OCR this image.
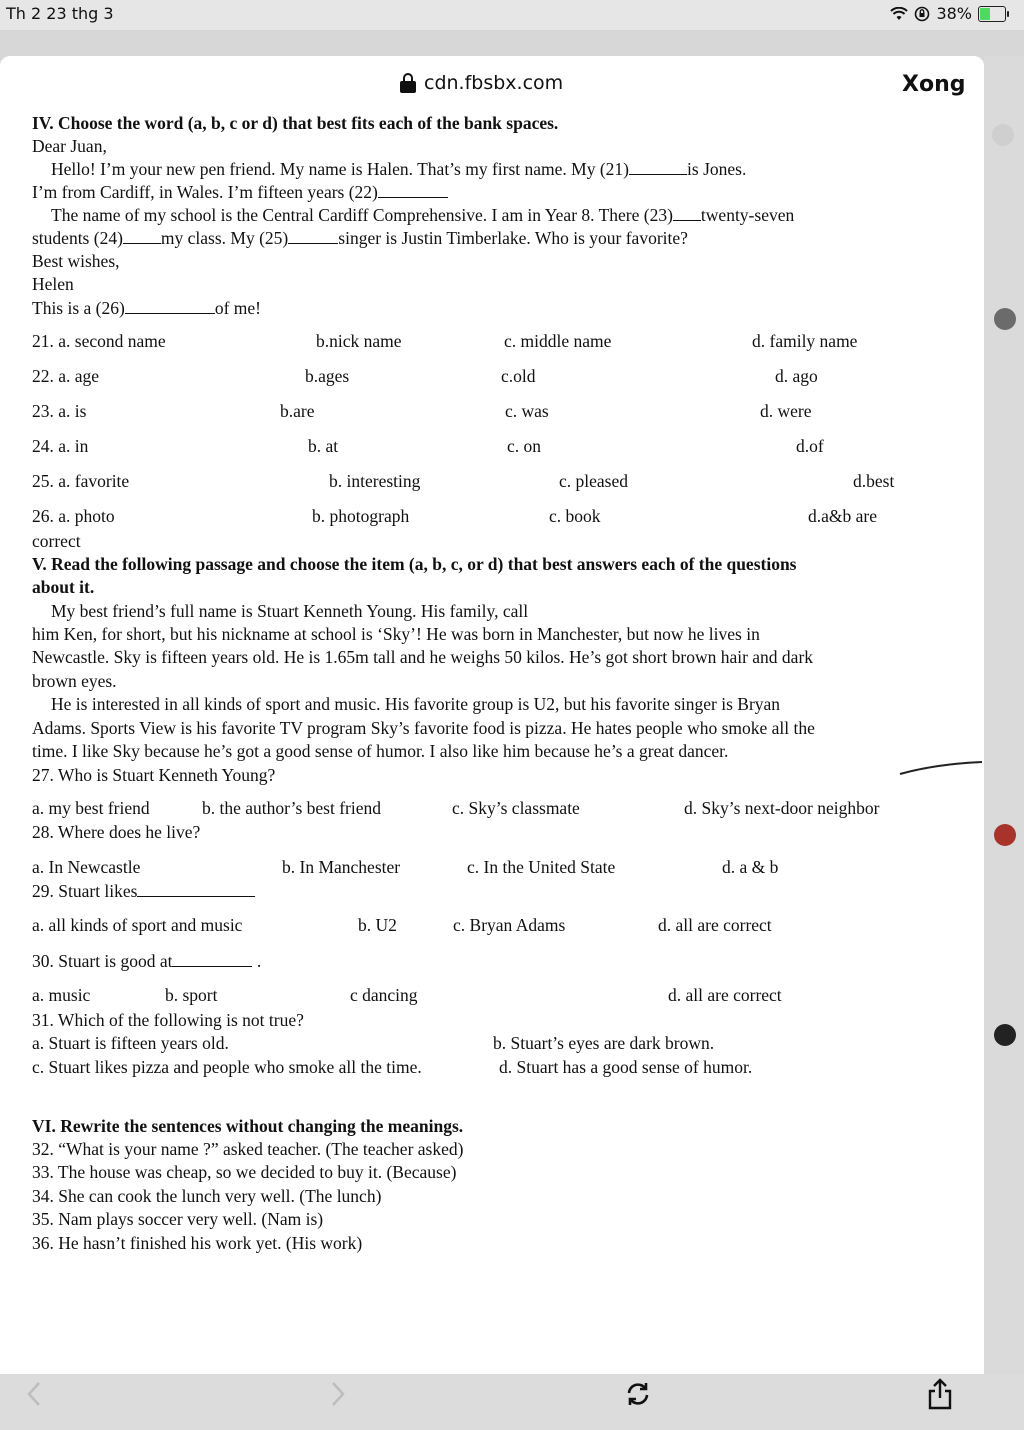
Th 2 23 thg 3	38%
cdn.fbsbx.com	Xong
IV. Choose the word (a, b, c or d) that best fits each of the bank spaces.
Dear Juan,
Hello! I’m your new pen friend. My name is Halen. That’s my first name. My (21)	is Jones.
I’m from Cardiff, in Wales. I’m fifteen years (22)
The name of my school is the Central Cardiff Comprehensive. I am in Year 8. There (23) twenty-seven
students (24) my class. My (25)	singer is Justin Timberlake. Who is your favorite?
Best wishes,
Helen
This is a (26)	of me!
21. a. second name	b.nick name	c. middle name	d. family name
22. a. age	b.ages	c.old	d. ago
23. a. is	b.are	c. was	d. were
24. a. in	b. at	c. on	d.of
25. a. favorite	b. interesting	c. pleased	d.best
26. a. photo	b. photograph	c. book	d.a&b are
correct
V. Read the following passage and choose the item (a, b, c, or d) that best answers each of the questions
about it.
My best friend’s full name is Stuart Kenneth Young. His family, call
him Ken, for short, but his nickname at school is ‘Sky’! He was born in Manchester, but now he lives in
Newcastle. Sky is fifteen years old. He is 1.65m tall and he weighs 50 kilos. He’s got short brown hair and dark
brown eyes.
He is interested in all kinds of sport and music. His favorite group is U2, but his favorite singer is Bryan
Adams. Sports View is his favorite TV program Sky’s favorite food is pizza. He hates people who smoke all the
time. I like Sky because he’s got a good sense of humor. I also like him because he’s a great dancer.
27. Who is Stuart Kenneth Young?
a. my best friend	b. the author’s best friend	c. Sky’s classmate	d. Sky’s next-door neighbor
28. Where does he live?
a. In Newcastle	b. In Manchester	c. In the United State	d. a & b
29. Stuart likes
a. all kinds of sport and music	b. U2	c. Bryan Adams	d. all are correct
30. Stuart is good at	.
a. music	b. sport	c dancing	d. all are correct
31. Which of the following is not true?
a. Stuart is fifteen years old.	b. Stuart’s eyes are dark brown.
c. Stuart likes pizza and people who smoke all the time.	d. Stuart has a good sense of humor.
VI. Rewrite the sentences without changing the meanings.
32. “What is your name ?” asked teacher. (The teacher asked)
33. The house was cheap, so we decided to buy it. (Because)
34. She can cook the lunch very well. (The lunch)
35. Nam plays soccer very well. (Nam is)
36. He hasn’t finished his work yet. (His work)
